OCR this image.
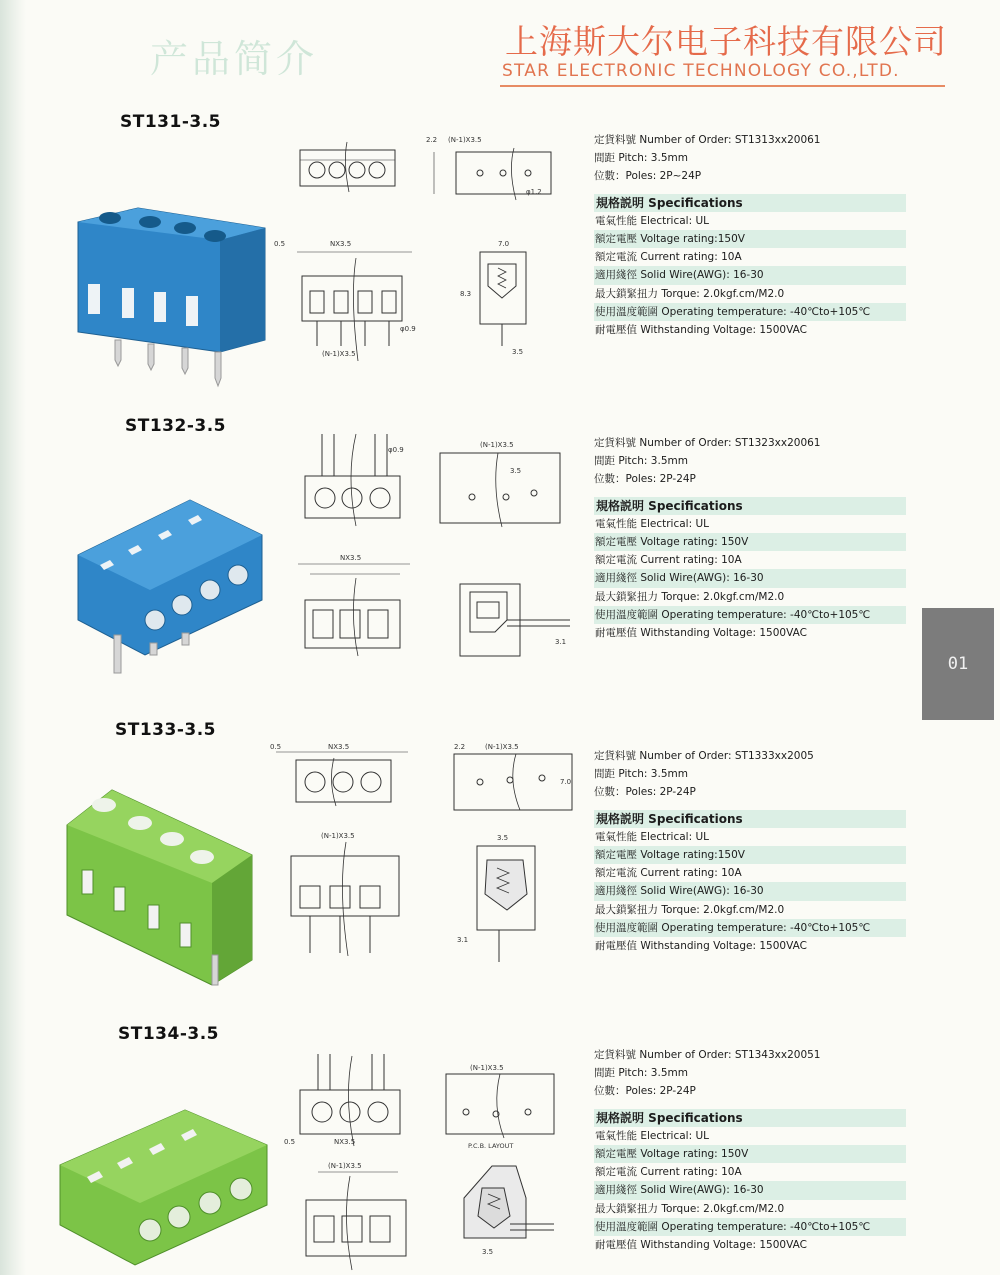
产品简介	上海斯大尔电子科技有限公司
STAR ELECTRONIC TECHNOLOGY CO.,LTD.
01
ST131-3.5
(N-1)X3.5
2.2
φ1.2
NX3.5
0.5
φ0.9
(N-1)X3.5
7.0
8.3
3.5
定貨料號 Number of Order: ST1313xx20061
間距 Pitch: 3.5mm
位數：Poles: 2P~24P
規格説明 Specifications
電氣性能 Electrical: UL
額定電壓 Voltage rating:150V
額定電流 Current rating: 10A
適用綫徑 Solid Wire(AWG): 16-30
最大鎖緊扭力 Torque: 2.0kgf.cm/M2.0
使用溫度範圍 Operating temperature: -40℃to+105℃
耐電壓值 Withstanding Voltage: 1500VAC
ST132-3.5
φ0.9
(N-1)X3.5
3.5
NX3.5
3.1
定貨料號 Number of Order: ST1323xx20061
間距 Pitch: 3.5mm
位數：Poles: 2P-24P
規格説明 Specifications
電氣性能 Electrical: UL
額定電壓 Voltage rating: 150V
額定電流 Current rating: 10A
適用綫徑 Solid Wire(AWG): 16-30
最大鎖緊扭力 Torque: 2.0kgf.cm/M2.0
使用溫度範圍 Operating temperature: -40℃to+105℃
耐電壓值 Withstanding Voltage: 1500VAC
ST133-3.5
NX3.5
0.5	(N-1)X3.5
2.2
7.0
(N-1)X3.5	3.5
3.1
定貨料號 Number of Order: ST1333xx2005
間距 Pitch: 3.5mm
位數：Poles: 2P-24P
規格説明 Specifications
電氣性能 Electrical: UL
額定電壓 Voltage rating:150V
額定電流 Current rating: 10A
適用綫徑 Solid Wire(AWG): 16-30
最大鎖緊扭力 Torque: 2.0kgf.cm/M2.0
使用溫度範圍 Operating temperature: -40℃to+105℃
耐電壓值 Withstanding Voltage: 1500VAC
ST134-3.5
NX3.5
0.5
(N-1)X3.5
P.C.B. LAYOUT
(N-1)X3.5
3.5
定貨料號 Number of Order: ST1343xx20051
間距 Pitch: 3.5mm
位數：Poles: 2P-24P
規格説明 Specifications
電氣性能 Electrical: UL
額定電壓 Voltage rating: 150V
額定電流 Current rating: 10A
適用綫徑 Solid Wire(AWG): 16-30
最大鎖緊扭力 Torque: 2.0kgf.cm/M2.0
使用溫度範圍 Operating temperature: -40℃to+105℃
耐電壓值 Withstanding Voltage: 1500VAC
